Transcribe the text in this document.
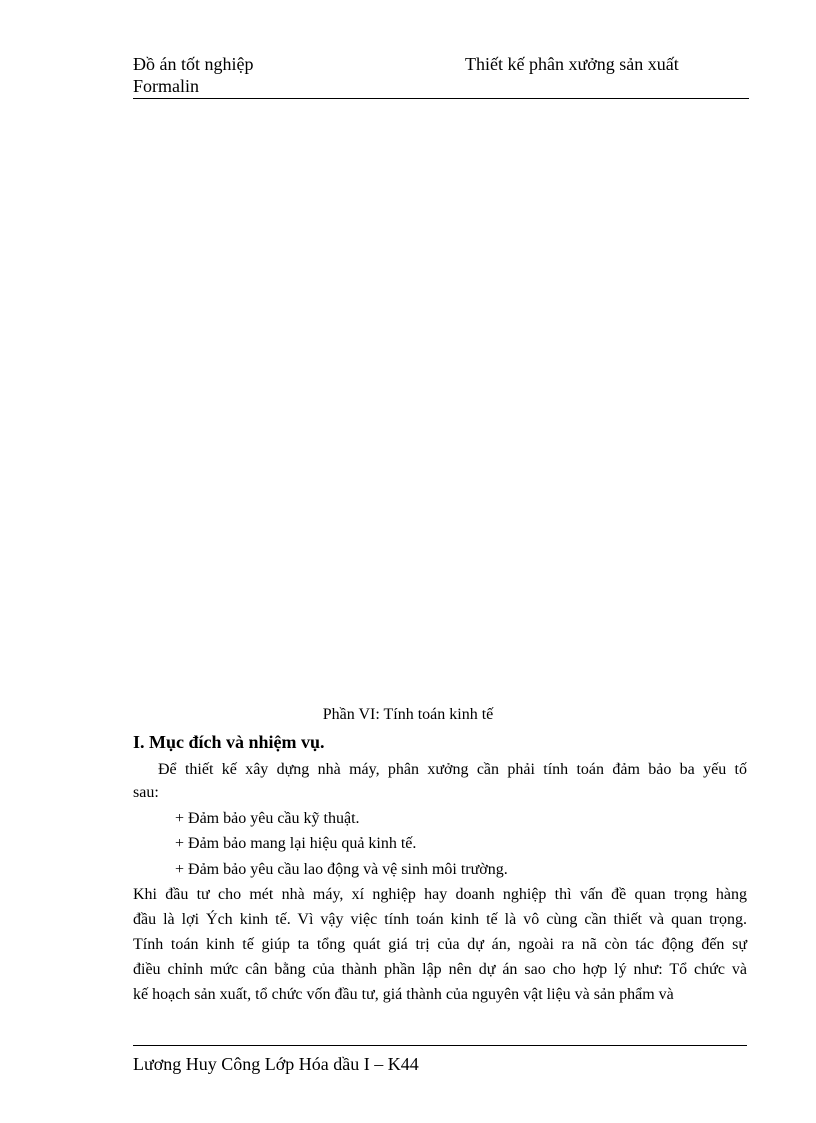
Đồ án tốt nghiệp
Formalin
Thiết kế phân xưởng sản xuất
Phần VI: Tính toán kinh tế
I. Mục đích và nhiệm vụ.
Để thiết kế xây dựng nhà máy, phân xưởng cần phải tính toán đảm bảo ba yếu tố
sau:
+ Đảm bảo yêu cầu kỹ thuật.
+ Đảm bảo mang lại hiệu quả kinh tế.
+ Đảm bảo yêu cầu lao động và vệ sinh môi trường.
Khi đầu tư cho mét nhà máy, xí nghiệp hay doanh nghiệp thì vấn đề quan trọng hàng
đầu là lợi Ých kinh tế. Vì vậy việc tính toán kinh tế là vô cùng cần thiết và quan trọng.
Tính toán kinh tế giúp ta tổng quát giá trị của dự án, ngoài ra nã còn tác động đến sự
điều chỉnh mức cân bằng của thành phần lập nên dự án sao cho hợp lý như: Tổ chức và
kế hoạch sản xuất, tổ chức vốn đầu tư, giá thành của nguyên vật liệu và sản phẩm và
Lương Huy Công Lớp Hóa dầu I – K44
